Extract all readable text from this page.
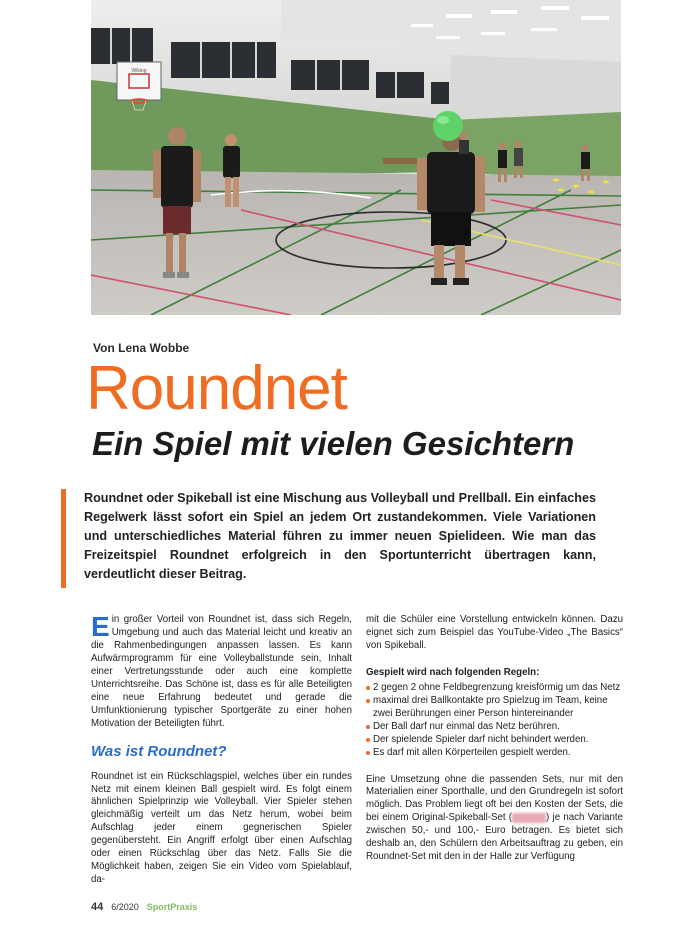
Wiking
Von Lena Wobbe
Roundnet
Ein Spiel mit vielen Gesichtern

Roundnet oder Spikeball ist eine Mischung aus Volleyball und Prellball. Ein einfaches Regelwerk lässt sofort ein Spiel an jedem Ort zustandekommen. Viele Variationen und unterschiedliches Material führen zu immer neuen Spielideen. Wie man das Freizeitspiel Roundnet erfolgreich in den Sportunterricht übertragen kann, verdeutlicht dieser Beitrag.

Ein großer Vorteil von Roundnet ist, dass sich Regeln, Umgebung und auch das Material leicht und kreativ an die Rahmenbedingungen anpassen lassen. Es kann Aufwärmprogramm für eine Volleyballstunde sein, Inhalt einer Vertretungsstunde oder auch eine komplette Unterrichtsreihe. Das Schöne ist, dass es für alle Beteiligten eine neue Erfahrung bedeutet und gerade die Umfunktionierung typischer Sportgeräte zu einer hohen Motivation der Beteiligten führt.

Was ist Roundnet?

Roundnet ist ein Rückschlagspiel, welches über ein rundes Netz mit einem kleinen Ball gespielt wird. Es folgt einem ähnlichen Spielprinzip wie Volleyball. Vier Spieler stehen gleichmäßig verteilt um das Netz herum, wobei beim Aufschlag jeder einem gegnerischen Spieler gegenübersteht. Ein Angriff erfolgt über einen Aufschlag oder einen Rückschlag über das Netz. Falls Sie die Möglichkeit haben, zeigen Sie ein Video vom Spielablauf, da-

mit die Schüler eine Vorstellung entwickeln können. Dazu eignet sich zum Beispiel das YouTube-Video „The Basics“ von Spikeball.

Gespielt wird nach folgenden Regeln:
2 gegen 2 ohne Feldbegrenzung kreisförmig um das Netz
maximal drei Ballkontakte pro Spielzug im Team, keine zwei Berührungen einer Person hintereinander
Der Ball darf nur einmal das Netz berühren.
Der spielende Spieler darf nicht behindert werden.
Es darf mit allen Körperteilen gespielt werden.

Eine Umsetzung ohne die passenden Sets, nur mit den Materialien einer Sporthalle, und den Grundregeln ist sofort möglich. Das Problem liegt oft bei den Kosten der Sets, die bei einem Original-Spikeball-Set (	) je nach Variante zwischen 50,- und 100,- Euro betragen. Es bietet sich deshalb an, den Schülern den Arbeitsauftrag zu geben, ein Roundnet-Set mit den in der Halle zur Verfügung

44 6/2020 SportPraxis
